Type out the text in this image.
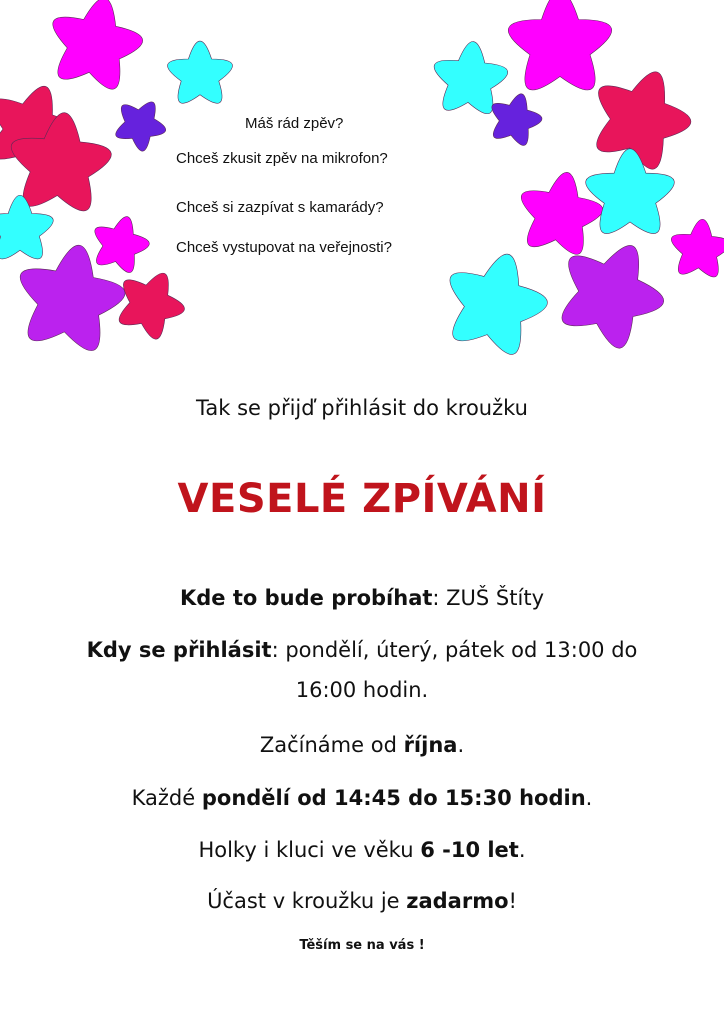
Máš rád zpěv?
Chceš zkusit zpěv na mikrofon?
Chceš si zazpívat s kamarády?
Chceš vystupovat na veřejnosti?
Tak se přijď přihlásit do kroužku
VESELÉ ZPÍVÁNÍ
Kde to bude probíhat: ZUŠ Štíty
Kdy se přihlásit: pondělí, úterý, pátek od 13:00 do
16:00 hodin.
Začínáme od října.
Každé pondělí od 14:45 do 15:30 hodin.
Holky i kluci ve věku 6 -10 let.
Účast v kroužku je zadarmo!
Těším se na vás !
